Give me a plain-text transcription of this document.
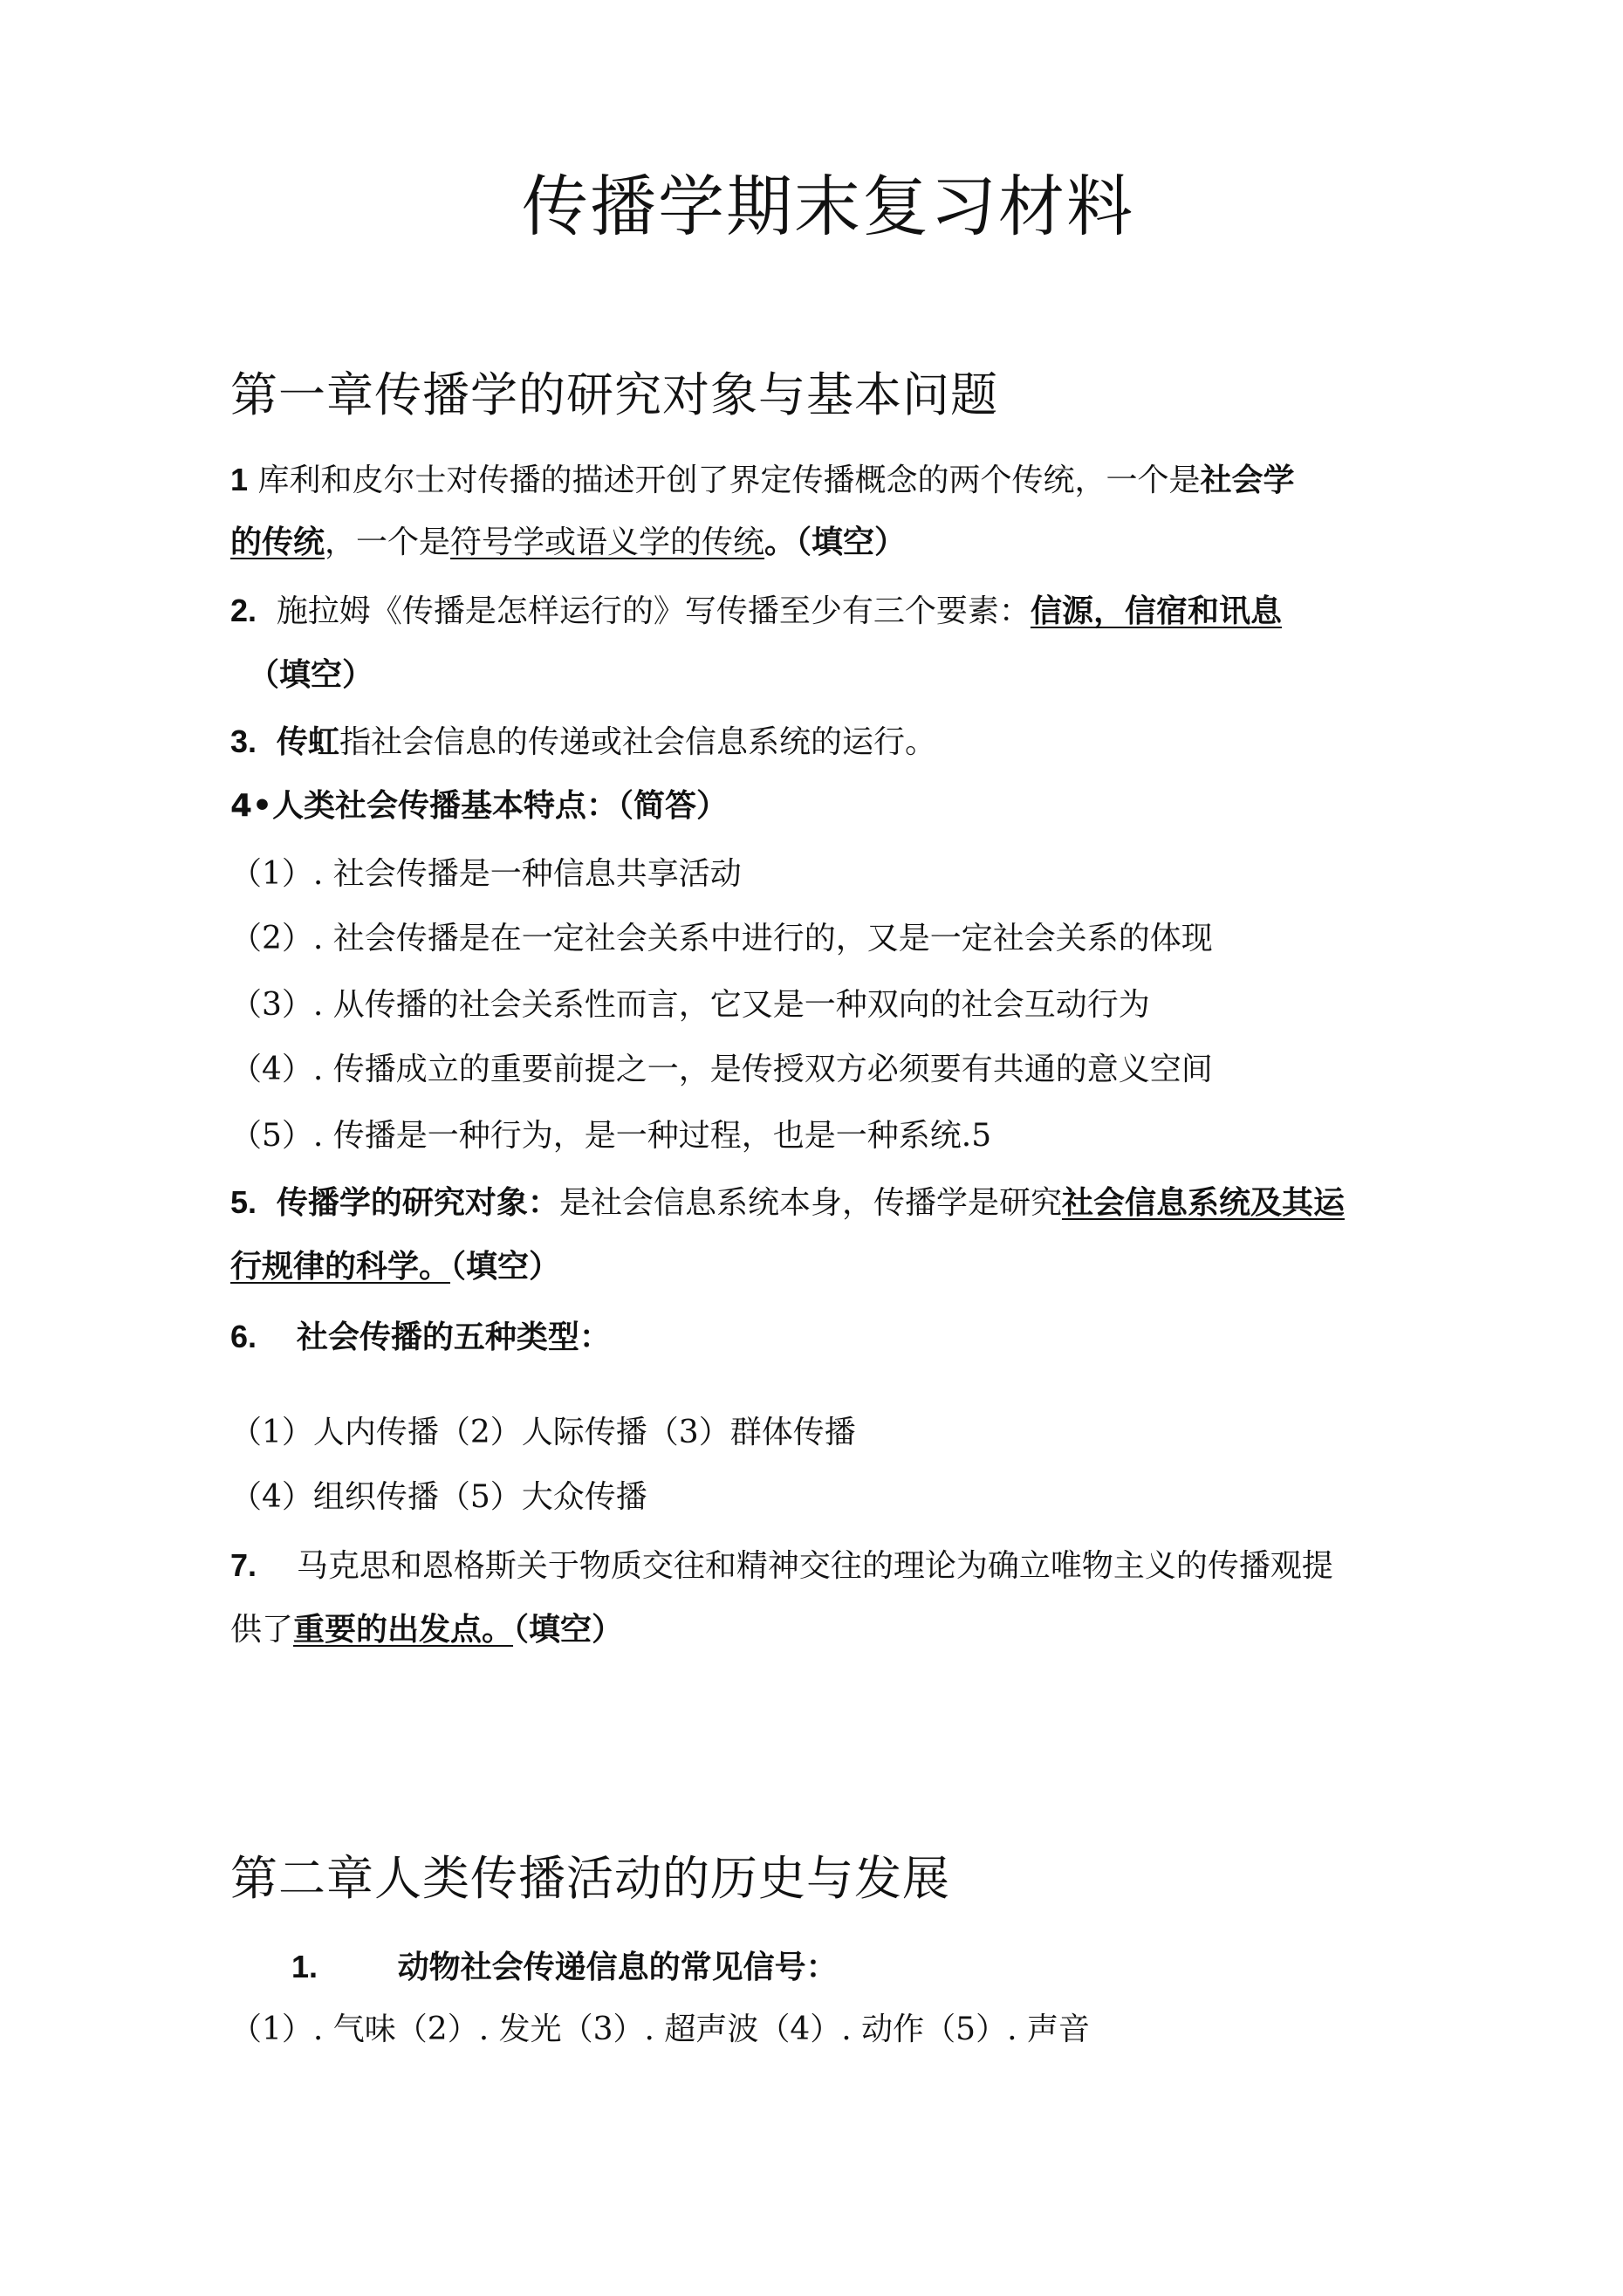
传播学期末复习材料
第一章传播学的研究对象与基本问题
1 库利和皮尔士对传播的描述开创了界定传播概念的两个传统，一个是社会学
的传统，一个是符号学或语义学的传统。（填空）
2. 施拉姆《传播是怎样运行的》写传播至少有三个要素：信源，信宿和讯息
（填空）
3. 传虹指社会信息的传递或社会信息系统的运行。
4•人类社会传播基本特点：（简答）
（1）. 社会传播是一种信息共享活动
（2）. 社会传播是在一定社会关系中进行的，又是一定社会关系的体现
（3）. 从传播的社会关系性而言，它又是一种双向的社会互动行为
（4）. 传播成立的重要前提之一，是传授双方必须要有共通的意义空间
（5）. 传播是一种行为，是一种过程，也是一种系统.5
5. 传播学的研究对象：是社会信息系统本身，传播学是研究社会信息系统及其运
行规律的科学。（填空）
6. 社会传播的五种类型：
（1）人内传播（2）人际传播（3）群体传播
（4）组织传播（5）大众传播
7. 马克思和恩格斯关于物质交往和精神交往的理论为确立唯物主义的传播观提
供了重要的出发点。（填空）
第二章人类传播活动的历史与发展
1.	动物社会传递信息的常见信号：
（1）. 气味（2）. 发光（3）. 超声波（4）. 动作（5）. 声音
